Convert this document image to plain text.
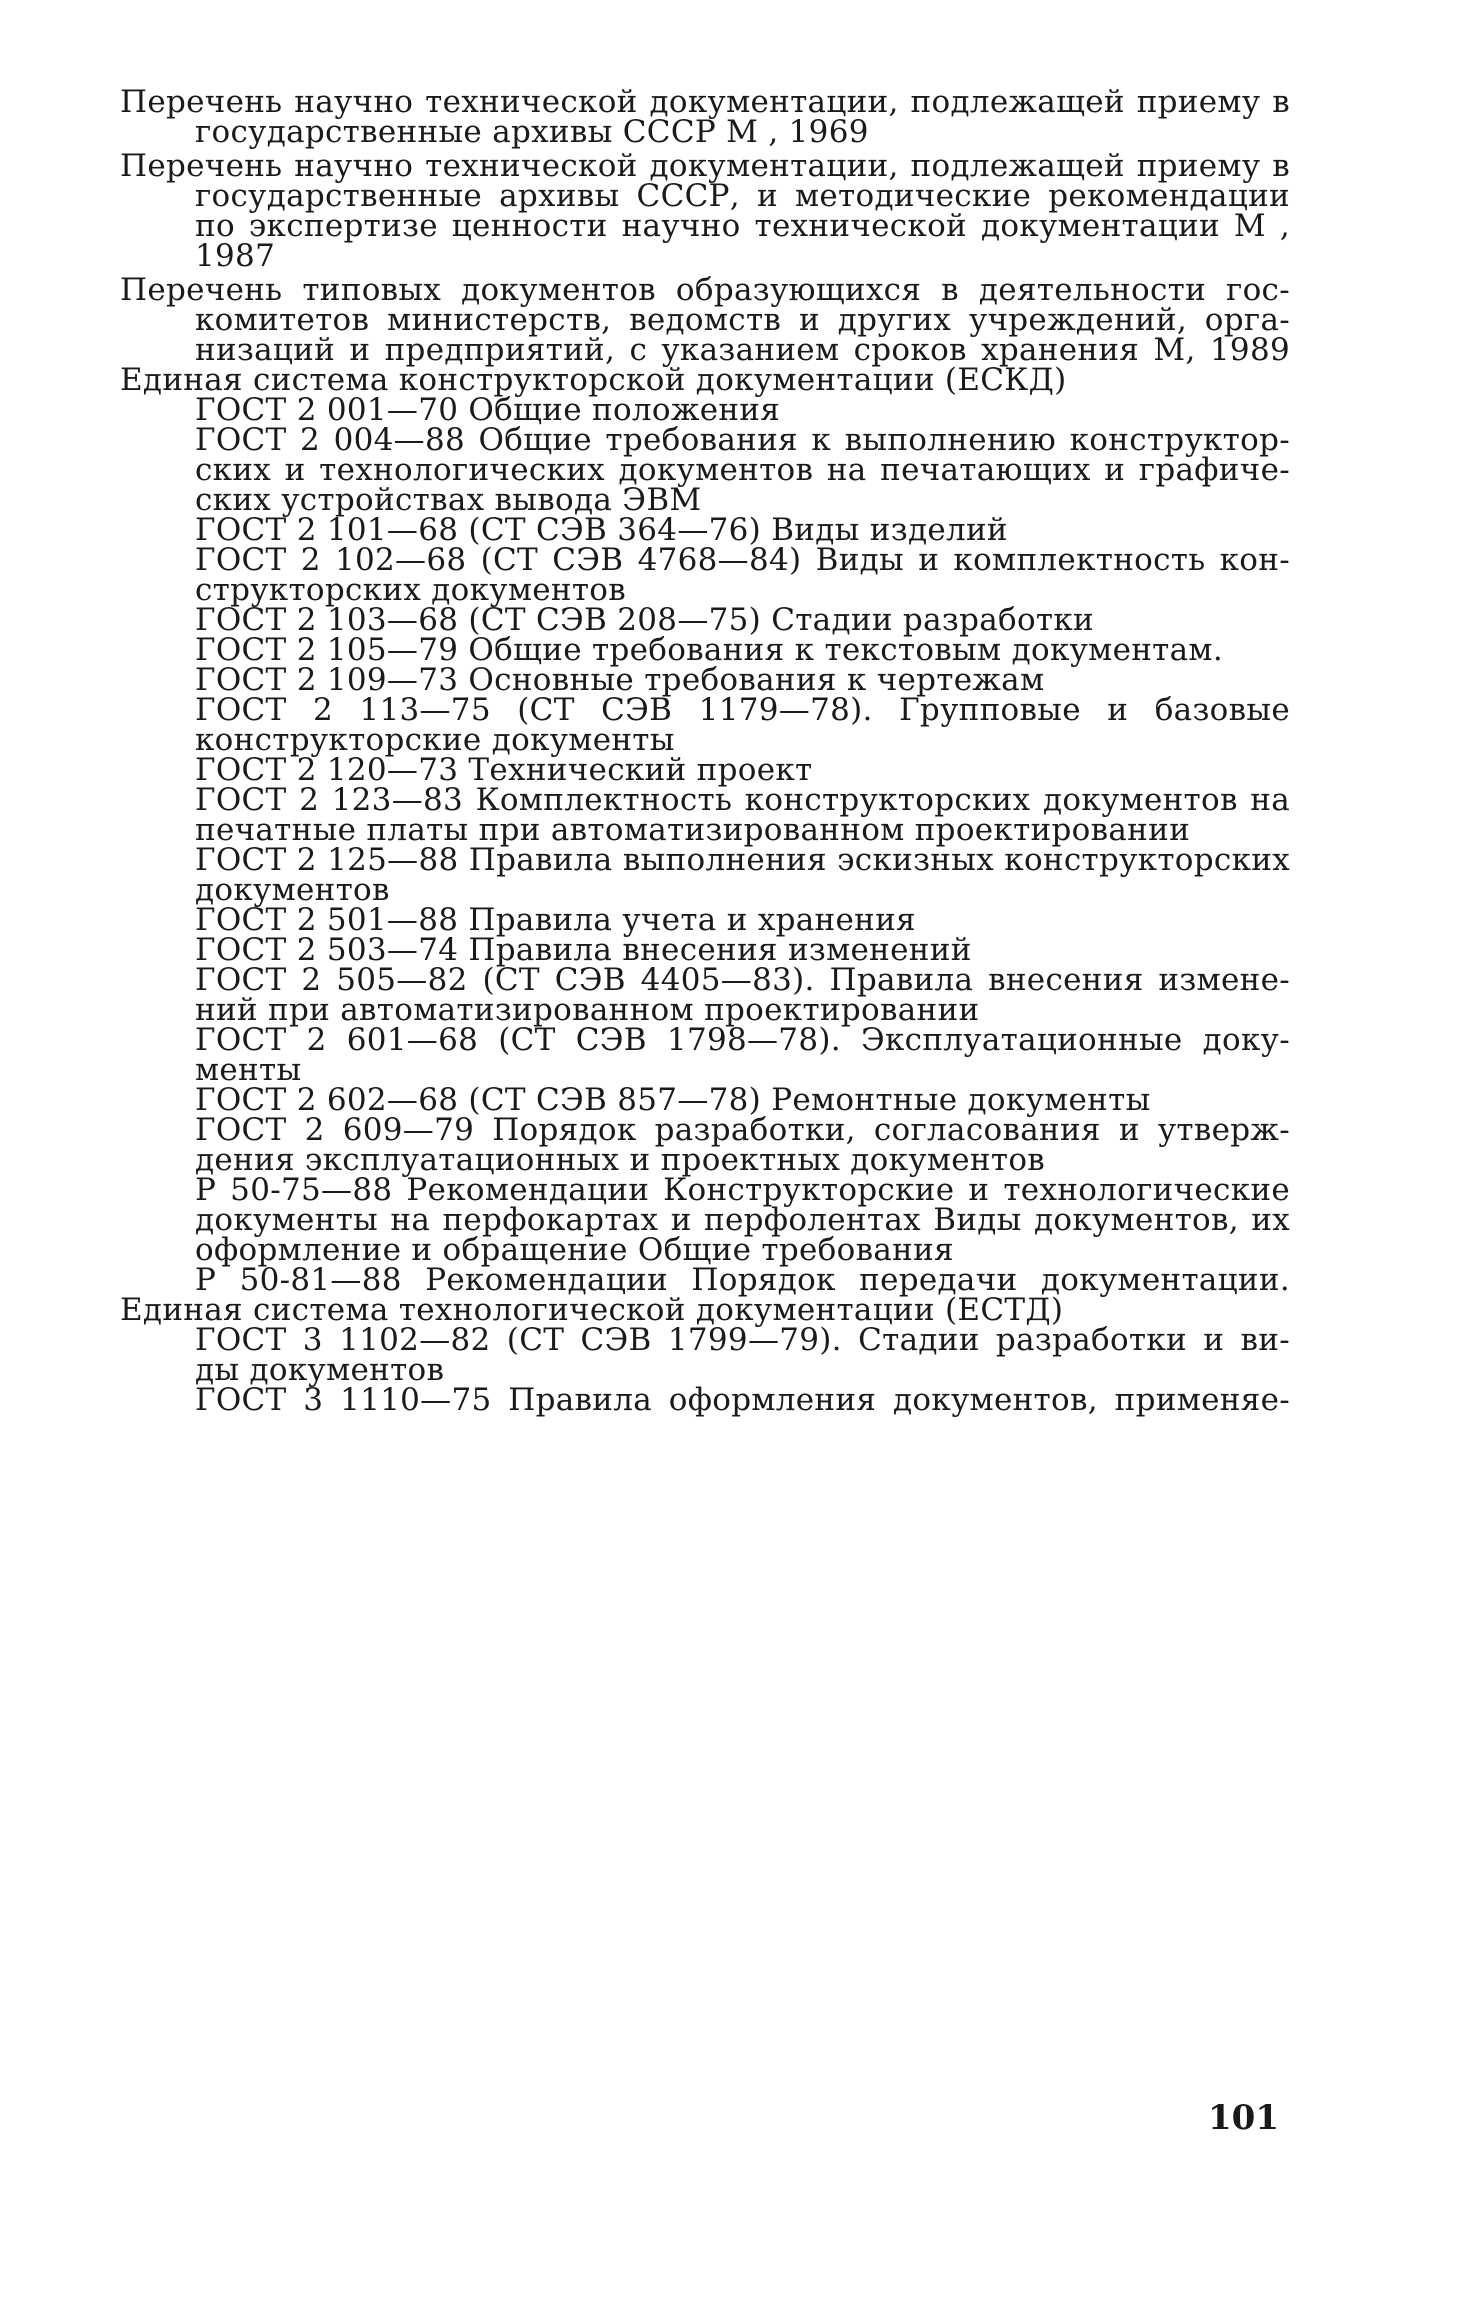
Перечень научно технической документации, подлежащей приему в
государственные архивы СССР М , 1969
Перечень научно технической документации, подлежащей приему в
государственные архивы СССР, и методические рекомендации
по экспертизе ценности научно технической документации М ,
1987
Перечень типовых документов образующихся в деятельности гос-
комитетов министерств, ведомств и других учреждений, орга-
низаций и предприятий, с указанием сроков хранения М, 1989
Единая система конструкторской документации (ЕСКД)
ГОСТ 2 001—70 Общие положения
ГОСТ 2 004—88 Общие требования к выполнению конструктор-
ских и технологических документов на печатающих и графиче-
ских устройствах вывода ЭВМ
ГОСТ 2 101—68 (СТ СЭВ 364—76) Виды изделий
ГОСТ 2 102—68 (СТ СЭВ 4768—84) Виды и комплектность кон-
структорских документов
ГОСТ 2 103—68 (СТ СЭВ 208—75) Стадии разработки
ГОСТ 2 105—79 Общие требования к текстовым документам.
ГОСТ 2 109—73 Основные требования к чертежам
ГОСТ 2 113—75 (СТ СЭВ 1179—78). Групповые и базовые
конструкторские документы
ГОСТ 2 120—73 Технический проект
ГОСТ 2 123—83 Комплектность конструкторских документов на
печатные платы при автоматизированном проектировании
ГОСТ 2 125—88 Правила выполнения эскизных конструкторских
документов
ГОСТ 2 501—88 Правила учета и хранения
ГОСТ 2 503—74 Правила внесения изменений
ГОСТ 2 505—82 (СТ СЭВ 4405—83). Правила внесения измене-
ний при автоматизированном проектировании
ГОСТ 2 601—68 (СТ СЭВ 1798—78). Эксплуатационные доку-
менты
ГОСТ 2 602—68 (СТ СЭВ 857—78) Ремонтные документы
ГОСТ 2 609—79 Порядок разработки, согласования и утверж-
дения эксплуатационных и проектных документов
Р 50-75—88 Рекомендации Конструкторские и технологические
документы на перфокартах и перфолентах Виды документов, их
оформление и обращение Общие требования
Р 50-81—88 Рекомендации Порядок передачи документации.
Единая система технологической документации (ЕСТД)
ГОСТ 3 1102—82 (СТ СЭВ 1799—79). Стадии разработки и ви-
ды документов
ГОСТ 3 1110—75 Правила оформления документов, применяе-
101
